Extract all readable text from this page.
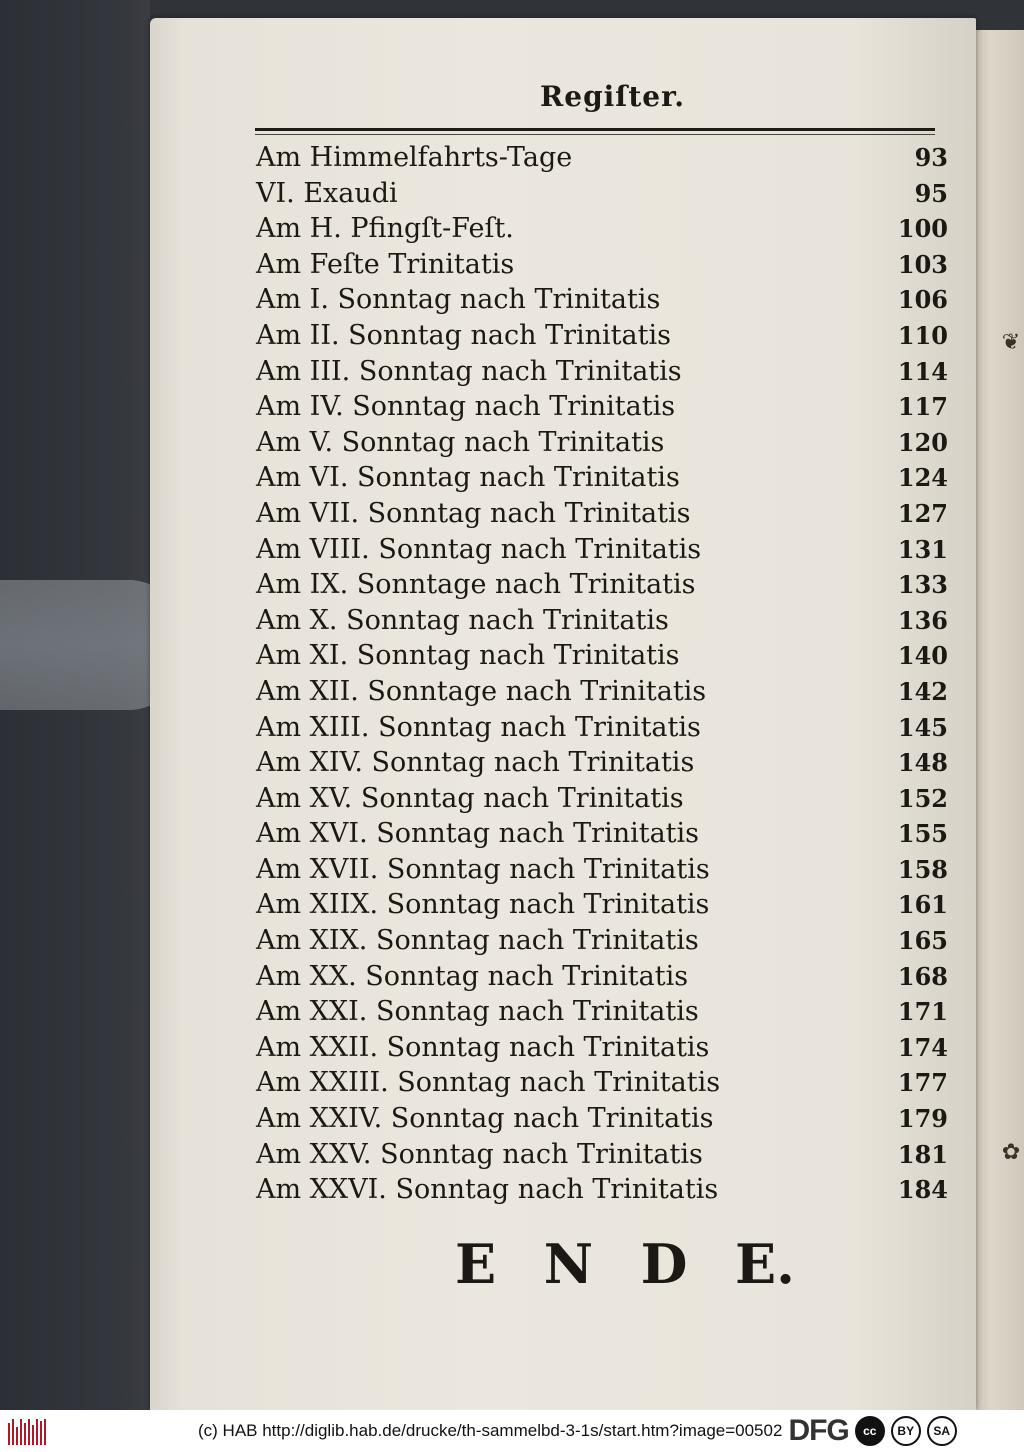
❦
✿
Regiſter.
Am Himmelfahrts-Tage	93
VI. Exaudi	95
Am H. Pfingſt-Feſt.	100
Am Feſte Trinitatis	103
Am I. Sonntag nach Trinitatis	106
Am II. Sonntag nach Trinitatis	110
Am III. Sonntag nach Trinitatis	114
Am IV. Sonntag nach Trinitatis	117
Am V. Sonntag nach Trinitatis	120
Am VI. Sonntag nach Trinitatis	124
Am VII. Sonntag nach Trinitatis	127
Am VIII. Sonntag nach Trinitatis	131
Am IX. Sonntage nach Trinitatis	133
Am X. Sonntag nach Trinitatis	136
Am XI. Sonntag nach Trinitatis	140
Am XII. Sonntage nach Trinitatis	142
Am XIII. Sonntag nach Trinitatis	145
Am XIV. Sonntag nach Trinitatis	148
Am XV. Sonntag nach Trinitatis	152
Am XVI. Sonntag nach Trinitatis	155
Am XVII. Sonntag nach Trinitatis	158
Am XIIX. Sonntag nach Trinitatis	161
Am XIX. Sonntag nach Trinitatis	165
Am XX. Sonntag nach Trinitatis	168
Am XXI. Sonntag nach Trinitatis	171
Am XXII. Sonntag nach Trinitatis	174
Am XXIII. Sonntag nach Trinitatis	177
Am XXIV. Sonntag nach Trinitatis	179
Am XXV. Sonntag nach Trinitatis	181
Am XXVI. Sonntag nach Trinitatis	184
E N D E.
(c) HAB http://diglib.hab.de/drucke/th-sammelbd-3-1s/start.htm?image=00502 DFG	cc	BY	SA
